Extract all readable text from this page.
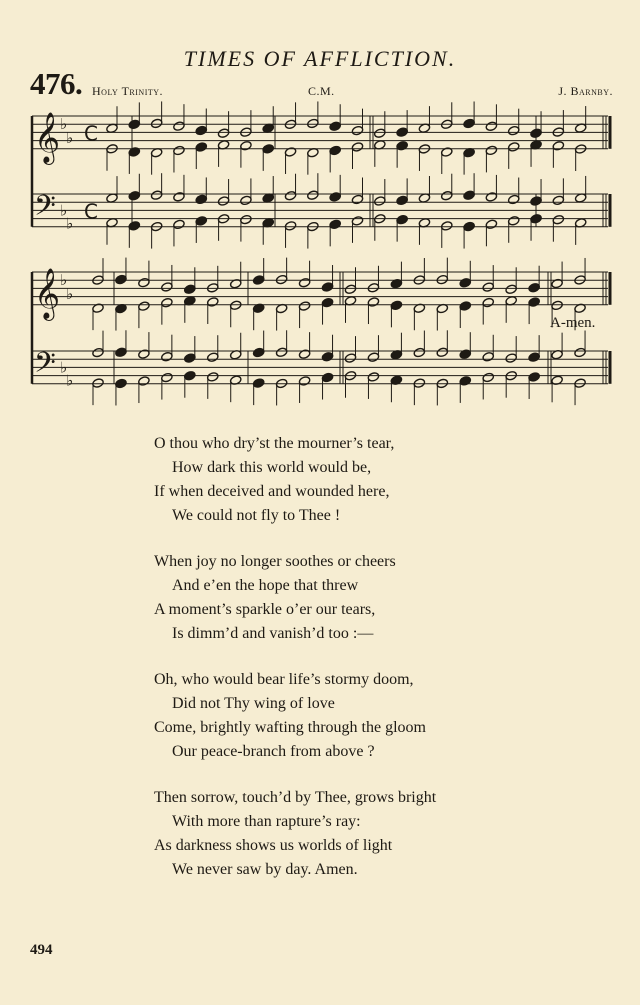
TIMES OF AFFLICTION.
476. Holy Trinity.	C.M.	J. Barnby.
𝄞
𝄢
♭
♭
♭
♭
C
C
𝄞
𝄢
♭
♭
♭
♭
A-men.
O thou who dry’st the mourner’s tear,
How dark this world would be,
If when deceived and wounded here,
We could not fly to Thee !
When joy no longer soothes or cheers
And e’en the hope that threw
A moment’s sparkle o’er our tears,
Is dimm’d and vanish’d too :—
Oh, who would bear life’s stormy doom,
Did not Thy wing of love
Come, brightly wafting through the gloom
Our peace-branch from above ?
Then sorrow, touch’d by Thee, grows bright
With more than rapture’s ray:
As darkness shows us worlds of light
We never saw by day. Amen.
494
